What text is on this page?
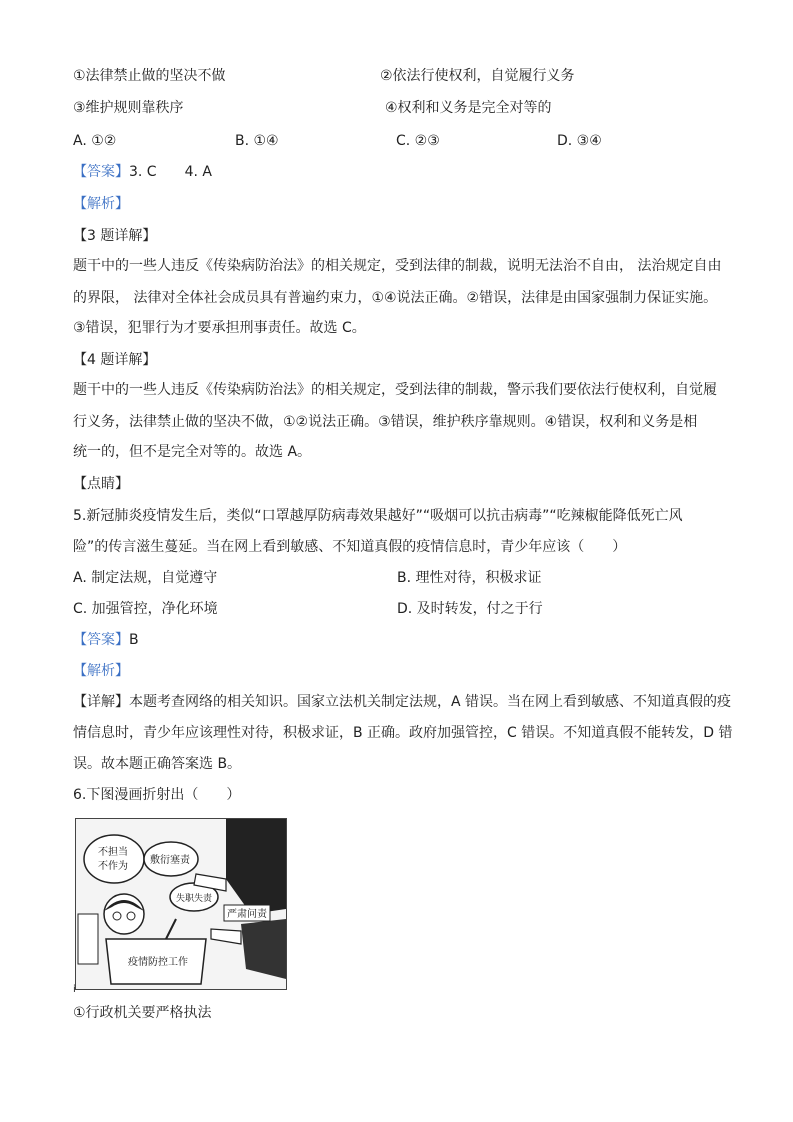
①法律禁止做的坚决不做	②依法行使权利，自觉履行义务
③维护规则靠秩序	④权利和义务是完全对等的
A. ①②	B. ①④	C. ②③	D. ③④
【答案】3. C　　4. A
【解析】
【3 题详解】
题干中的一些人违反《传染病防治法》的相关规定，受到法律的制裁，说明无法治不自由， 法治规定自由
的界限， 法律对全体社会成员具有普遍约束力，①④说法正确。②错误，法律是由国家强制力保证实施。
③错误，犯罪行为才要承担刑事责任。故选 C。
【4 题详解】
题干中的一些人违反《传染病防治法》的相关规定，受到法律的制裁，警示我们要依法行使权利，自觉履
行义务，法律禁止做的坚决不做，①②说法正确。③错误，维护秩序靠规则。④错误，权利和义务是相
统一的，但不是完全对等的。故选 A。
【点睛】
5.新冠肺炎疫情发生后，类似“口罩越厚防病毒效果越好”“吸烟可以抗击病毒”“吃辣椒能降低死亡风
险”的传言滋生蔓延。当在网上看到敏感、不知道真假的疫情信息时，青少年应该（　　）
A. 制定法规，自觉遵守	B. 理性对待，积极求证
C. 加强管控，净化环境	D. 及时转发，付之于行
【答案】B
【解析】
【详解】本题考查网络的相关知识。国家立法机关制定法规，A 错误。当在网上看到敏感、不知道真假的疫
情信息时，青少年应该理性对待，积极求证，B 正确。政府加强管控，C 错误。不知道真假不能转发，D 错
误。故本题正确答案选 B。
6.下图漫画折射出（　　）
不担当
不作为
敷衍塞责
失职失责
严肃问责
疫情防控工作
i
①行政机关要严格执法
